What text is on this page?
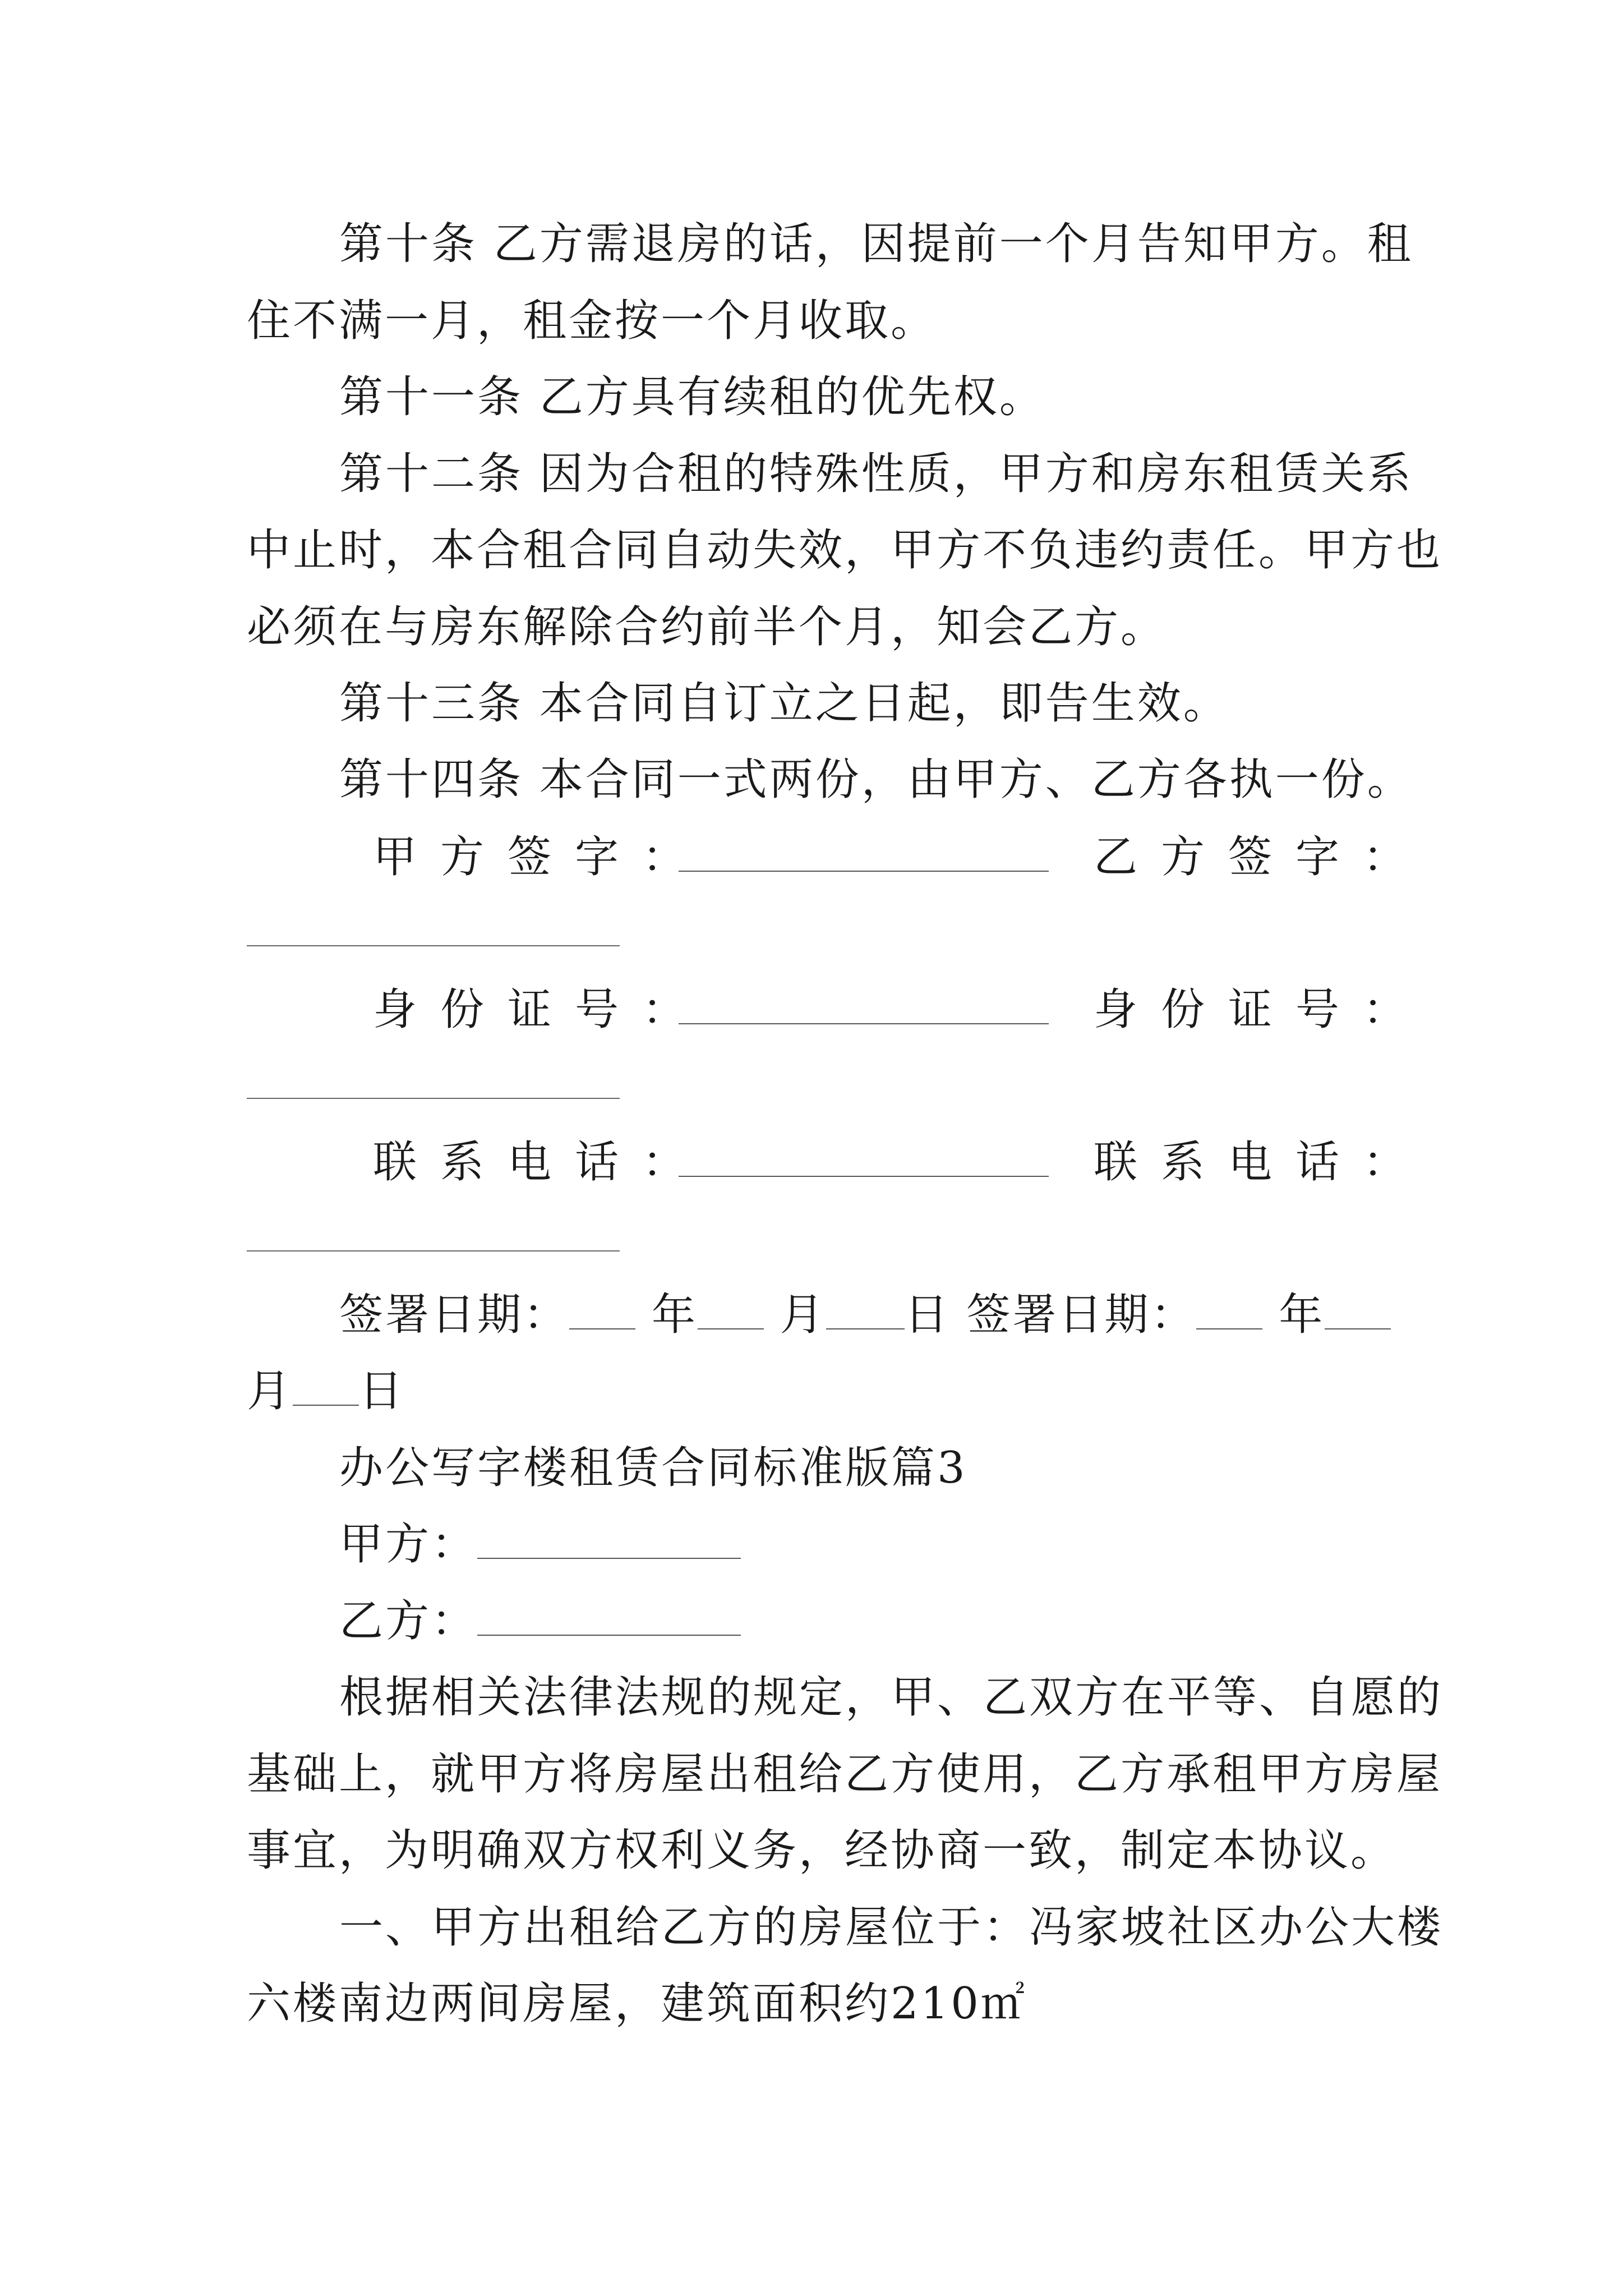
第十条 乙方需退房的话，因提前一个月告知甲方。租
住不满一月，租金按一个月收取。
第十一条 乙方具有续租的优先权。
第十二条 因为合租的特殊性质，甲方和房东租赁关系
中止时，本合租合同自动失效，甲方不负违约责任。甲方也
必须在与房东解除合约前半个月，知会乙方。
第十三条 本合同自订立之日起，即告生效。
第十四条 本合同一式两份，由甲方、乙方各执一份。
甲方签字：	乙方签字：
身份证号：	身份证号：
联系电话：	联系电话：
签署日期： 年 月 日 签署日期： 年
月 日
办公写字楼租赁合同标准版篇3
甲方：
乙方：
根据相关法律法规的规定，甲、乙双方在平等、自愿的
基础上，就甲方将房屋出租给乙方使用，乙方承租甲方房屋
事宜，为明确双方权利义务，经协商一致，制定本协议。
一、甲方出租给乙方的房屋位于：冯家坡社区办公大楼
六楼南边两间房屋，建筑面积约210㎡
